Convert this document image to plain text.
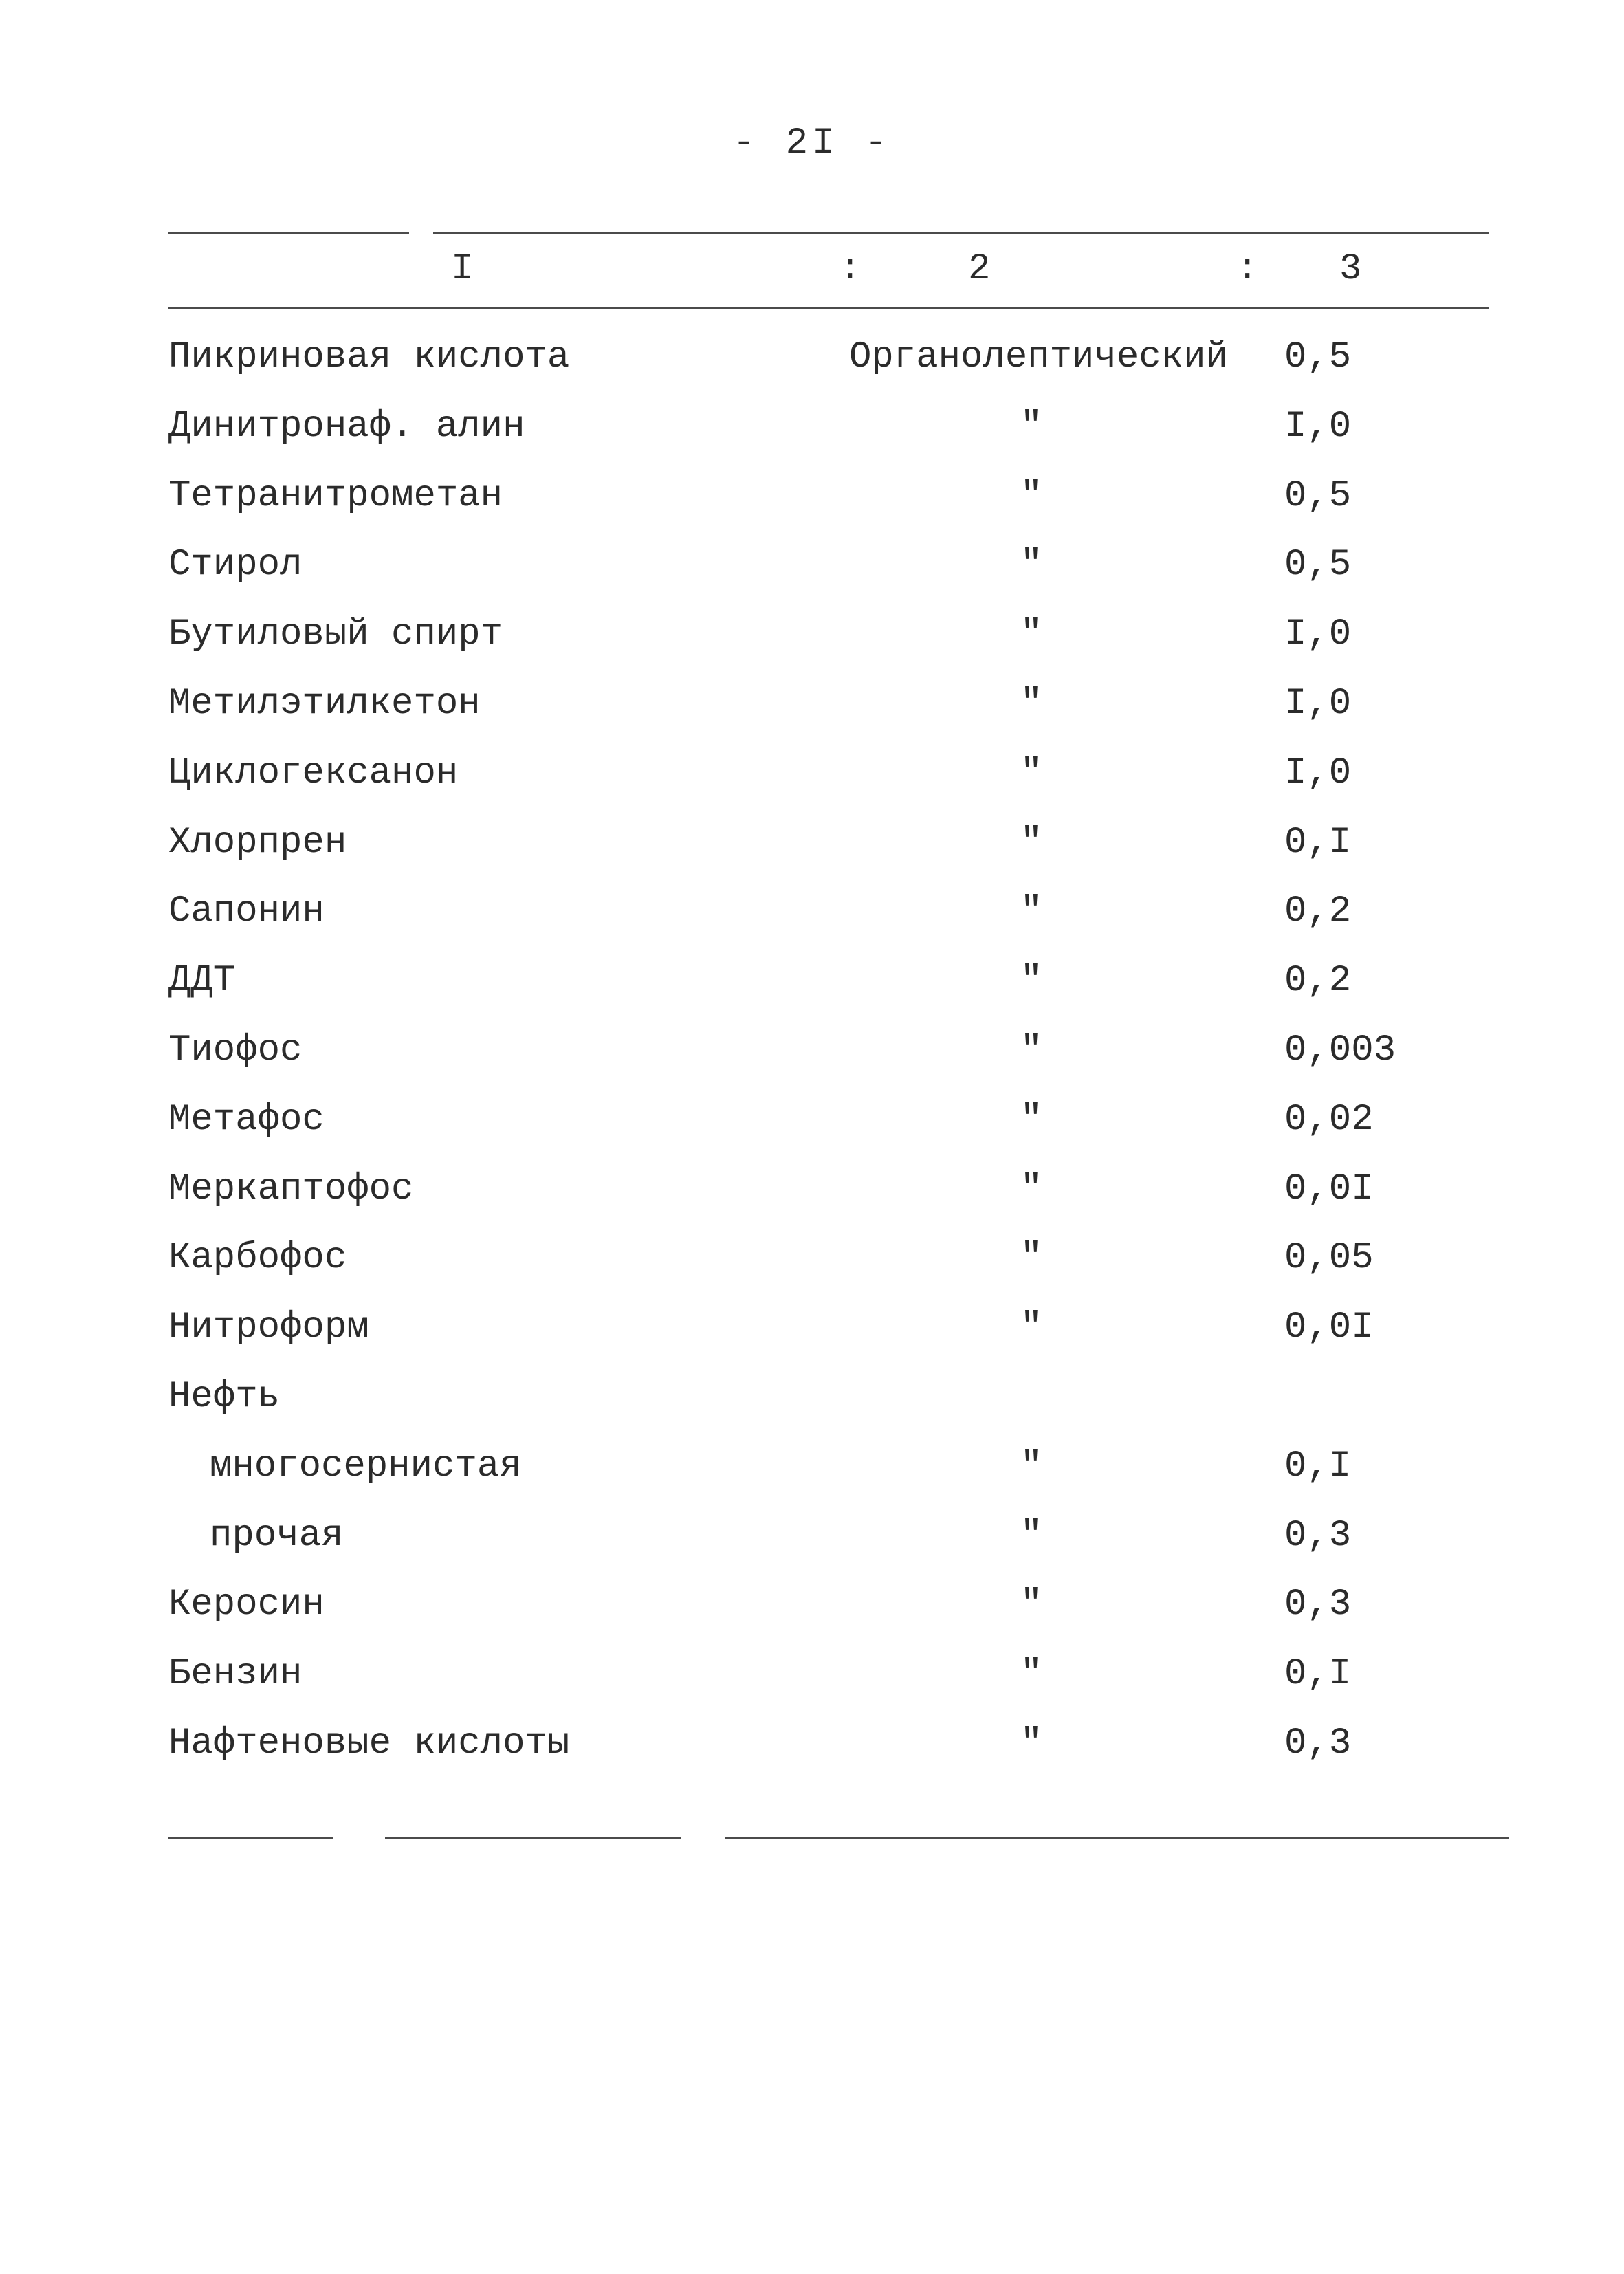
- 2I -
I	:	2	: 3
Пикриновая кислота	Органолептический 0,5
Динитронаф. алин	"	I,0
Тетранитрометан	"	0,5
Стирол	"	0,5
Бутиловый спирт	"	I,0
Метилэтилкетон	"	I,0
Циклогексанон	"	I,0
Хлорпрен	"	0,I
Сапонин	"	0,2
ДДТ	"	0,2
Тиофос	"	0,003
Метафос	"	0,02
Меркаптофос	"	0,0I
Карбофос	"	0,05
Нитроформ	"	0,0I
Нефть
многосернистая	"	0,I
прочая	"	0,3
Керосин	"	0,3
Бензин	"	0,I
Нафтеновые кислоты	"	0,3
